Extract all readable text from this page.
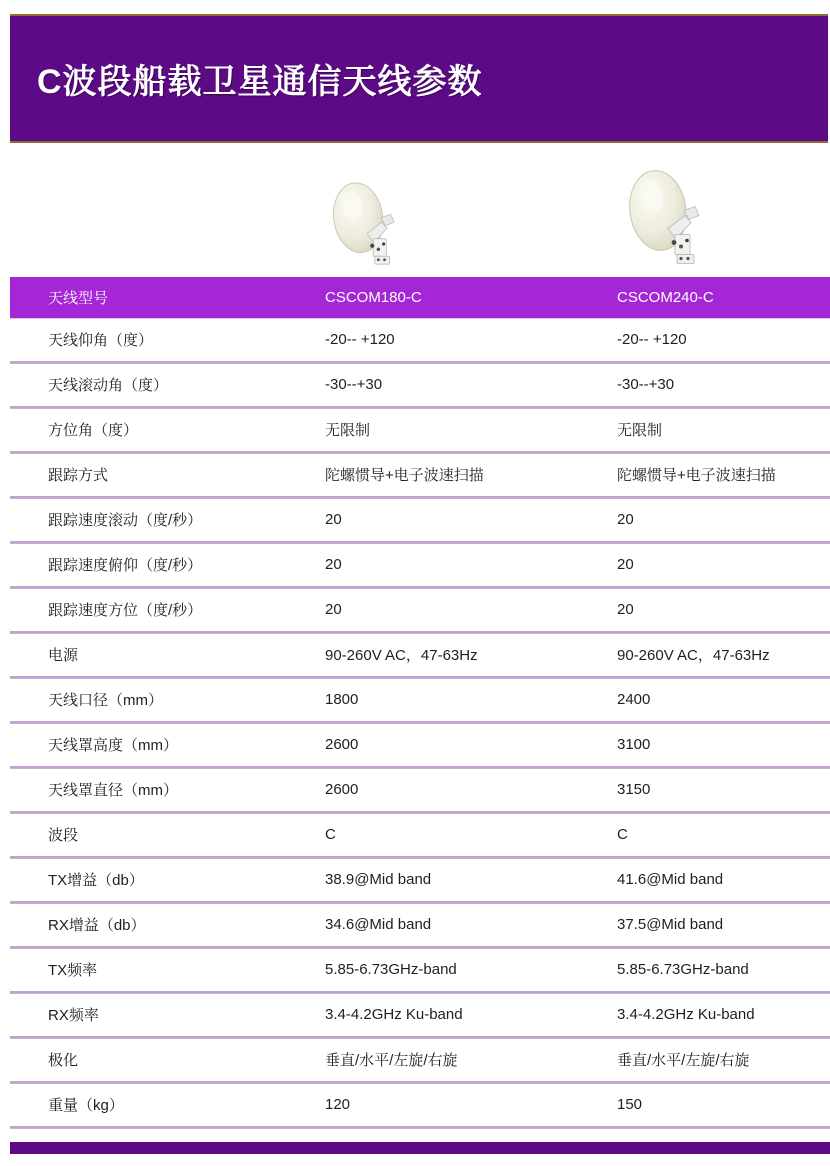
C波段船载卫星通信天线参数
天线型号	CSCOM180-C	CSCOM240-C
天线仰角（度）	-20-- +120	-20-- +120
天线滚动角（度）	-30--+30	-30--+30
方位角（度）	无限制	无限制
跟踪方式	陀螺惯导+电子波速扫描	陀螺惯导+电子波速扫描
跟踪速度滚动（度/秒）	20	20
跟踪速度俯仰（度/秒）	20	20
跟踪速度方位（度/秒）	20	20
电源	90-260V AC，47-63Hz	90-260V AC，47-63Hz
天线口径（mm）	1800	2400
天线罩高度（mm）	2600	3100
天线罩直径（mm）	2600	3150
波段	C	C
TX增益（db）	38.9@Mid band	41.6@Mid band
RX增益（db）	34.6@Mid band	37.5@Mid band
TX频率	5.85-6.73GHz-band	5.85-6.73GHz-band
RX频率	3.4-4.2GHz Ku-band	3.4-4.2GHz Ku-band
极化	垂直/水平/左旋/右旋	垂直/水平/左旋/右旋
重量（kg）	120	150
